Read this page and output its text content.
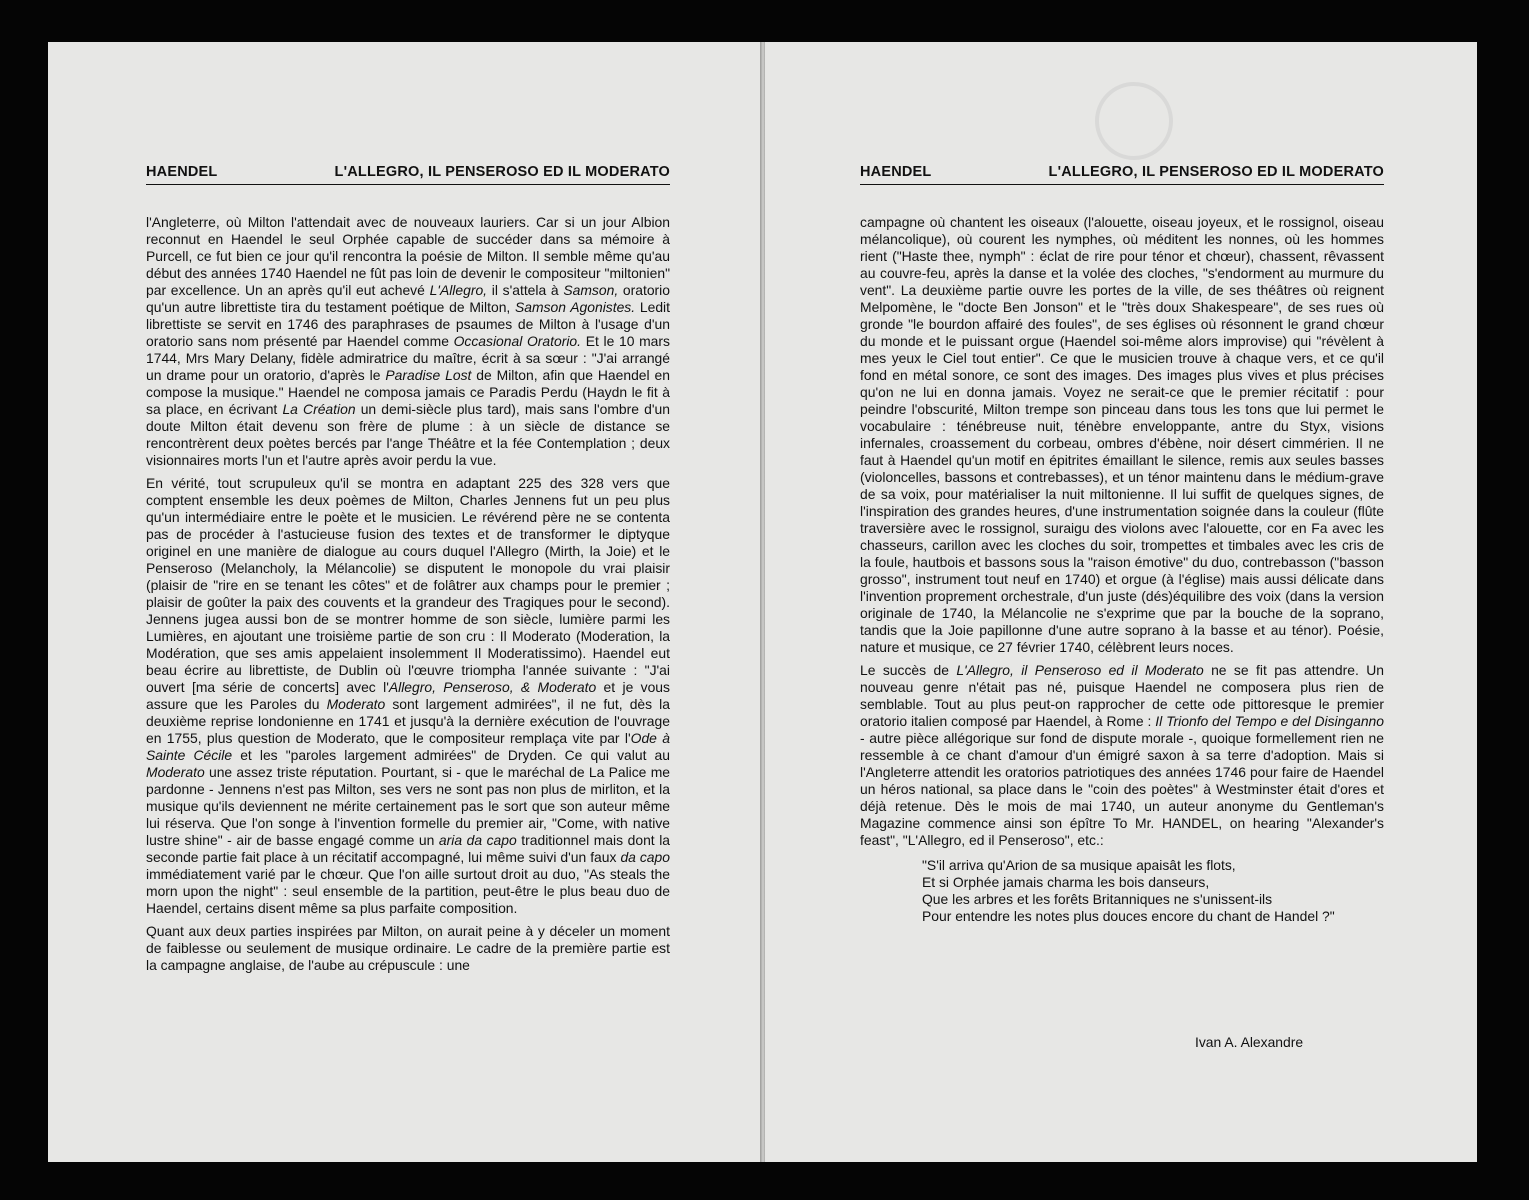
HAENDEL	L'ALLEGRO, IL PENSEROSO ED IL MODERATO

l'Angleterre, où Milton l'attendait avec de nouveaux lauriers. Car si un jour Albion reconnut en Haendel le seul Orphée capable de succéder dans sa mémoire à Purcell, ce fut bien ce jour qu'il rencontra la poésie de Milton. Il semble même qu'au début des années 1740 Haendel ne fût pas loin de devenir le compositeur "miltonien" par excellence. Un an après qu'il eut achevé L'Allegro, il s'attela à Samson, oratorio qu'un autre librettiste tira du testament poétique de Milton, Samson Agonistes. Ledit librettiste se servit en 1746 des paraphrases de psaumes de Milton à l'usage d'un oratorio sans nom présenté par Haendel comme Occasional Oratorio. Et le 10 mars 1744, Mrs Mary Delany, fidèle admiratrice du maître, écrit à sa sœur : "J'ai arrangé un drame pour un oratorio, d'après le Paradise Lost de Milton, afin que Haendel en compose la musique." Haendel ne composa jamais ce Paradis Perdu (Haydn le fit à sa place, en écrivant La Création un demi-siècle plus tard), mais sans l'ombre d'un doute Milton était devenu son frère de plume : à un siècle de distance se rencontrèrent deux poètes bercés par l'ange Théâtre et la fée Contemplation ; deux visionnaires morts l'un et l'autre après avoir perdu la vue.

En vérité, tout scrupuleux qu'il se montra en adaptant 225 des 328 vers que comptent ensemble les deux poèmes de Milton, Charles Jennens fut un peu plus qu'un intermédiaire entre le poète et le musicien. Le révérend père ne se contenta pas de procéder à l'astucieuse fusion des textes et de transformer le diptyque originel en une manière de dialogue au cours duquel l'Allegro (Mirth, la Joie) et le Penseroso (Melancholy, la Mélancolie) se disputent le monopole du vrai plaisir (plaisir de "rire en se tenant les côtes" et de folâtrer aux champs pour le premier ; plaisir de goûter la paix des couvents et la grandeur des Tragiques pour le second). Jennens jugea aussi bon de se montrer homme de son siècle, lumière parmi les Lumières, en ajoutant une troisième partie de son cru : Il Moderato (Moderation, la Modération, que ses amis appelaient insolemment Il Moderatissimo). Haendel eut beau écrire au librettiste, de Dublin où l'œuvre triompha l'année suivante : "J'ai ouvert [ma série de concerts] avec l'Allegro, Penseroso, & Moderato et je vous assure que les Paroles du Moderato sont largement admirées", il ne fut, dès la deuxième reprise londonienne en 1741 et jusqu'à la dernière exécution de l'ouvrage en 1755, plus question de Moderato, que le compositeur remplaça vite par l'Ode à Sainte Cécile et les "paroles largement admirées" de Dryden. Ce qui valut au Moderato une assez triste réputation. Pourtant, si - que le maréchal de La Palice me pardonne - Jennens n'est pas Milton, ses vers ne sont pas non plus de mirliton, et la musique qu'ils deviennent ne mérite certainement pas le sort que son auteur même lui réserva. Que l'on songe à l'invention formelle du premier air, "Come, with native lustre shine" - air de basse engagé comme un aria da capo traditionnel mais dont la seconde partie fait place à un récitatif accompagné, lui même suivi d'un faux da capo immédiatement varié par le chœur. Que l'on aille surtout droit au duo, "As steals the morn upon the night" : seul ensemble de la partition, peut-être le plus beau duo de Haendel, certains disent même sa plus parfaite composition.

Quant aux deux parties inspirées par Milton, on aurait peine à y déceler un moment de faiblesse ou seulement de musique ordinaire. Le cadre de la première partie est la campagne anglaise, de l'aube au crépuscule : une

HAENDEL	L'ALLEGRO, IL PENSEROSO ED IL MODERATO

campagne où chantent les oiseaux (l'alouette, oiseau joyeux, et le rossignol, oiseau mélancolique), où courent les nymphes, où méditent les nonnes, où les hommes rient ("Haste thee, nymph" : éclat de rire pour ténor et chœur), chassent, rêvassent au couvre-feu, après la danse et la volée des cloches, "s'endorment au murmure du vent". La deuxième partie ouvre les portes de la ville, de ses théâtres où reignent Melpomène, le "docte Ben Jonson" et le "très doux Shakespeare", de ses rues où gronde "le bourdon affairé des foules", de ses églises où résonnent le grand chœur du monde et le puissant orgue (Haendel soi-même alors improvise) qui "révèlent à mes yeux le Ciel tout entier". Ce que le musicien trouve à chaque vers, et ce qu'il fond en métal sonore, ce sont des images. Des images plus vives et plus précises qu'on ne lui en donna jamais. Voyez ne serait-ce que le premier récitatif : pour peindre l'obscurité, Milton trempe son pinceau dans tous les tons que lui permet le vocabulaire : ténébreuse nuit, ténèbre enveloppante, antre du Styx, visions infernales, croassement du corbeau, ombres d'ébène, noir désert cimmérien. Il ne faut à Haendel qu'un motif en épitrites émaillant le silence, remis aux seules basses (violoncelles, bassons et contrebasses), et un ténor maintenu dans le médium-grave de sa voix, pour matérialiser la nuit miltonienne. Il lui suffit de quelques signes, de l'inspiration des grandes heures, d'une instrumentation soignée dans la couleur (flûte traversière avec le rossignol, suraigu des violons avec l'alouette, cor en Fa avec les chasseurs, carillon avec les cloches du soir, trompettes et timbales avec les cris de la foule, hautbois et bassons sous la "raison émotive" du duo, contrebasson ("basson grosso", instrument tout neuf en 1740) et orgue (à l'église) mais aussi délicate dans l'invention proprement orchestrale, d'un juste (dés)équilibre des voix (dans la version originale de 1740, la Mélancolie ne s'exprime que par la bouche de la soprano, tandis que la Joie papillonne d'une autre soprano à la basse et au ténor). Poésie, nature et musique, ce 27 février 1740, célèbrent leurs noces.

Le succès de L'Allegro, il Penseroso ed il Moderato ne se fit pas attendre. Un nouveau genre n'était pas né, puisque Haendel ne composera plus rien de semblable. Tout au plus peut-on rapprocher de cette ode pittoresque le premier oratorio italien composé par Haendel, à Rome : Il Trionfo del Tempo e del Disinganno - autre pièce allégorique sur fond de dispute morale -, quoique formellement rien ne ressemble à ce chant d'amour d'un émigré saxon à sa terre d'adoption. Mais si l'Angleterre attendit les oratorios patriotiques des années 1746 pour faire de Haendel un héros national, sa place dans le "coin des poètes" à Westminster était d'ores et déjà retenue. Dès le mois de mai 1740, un auteur anonyme du Gentleman's Magazine commence ainsi son épître To Mr. HANDEL, on hearing "Alexander's feast", "L'Allegro, ed il Penseroso", etc.:

"S'il arriva qu'Arion de sa musique apaisât les flots,
Et si Orphée jamais charma les bois danseurs,
Que les arbres et les forêts Britanniques ne s'unissent-ils
Pour entendre les notes plus douces encore du chant de Handel ?"
Ivan A. Alexandre
